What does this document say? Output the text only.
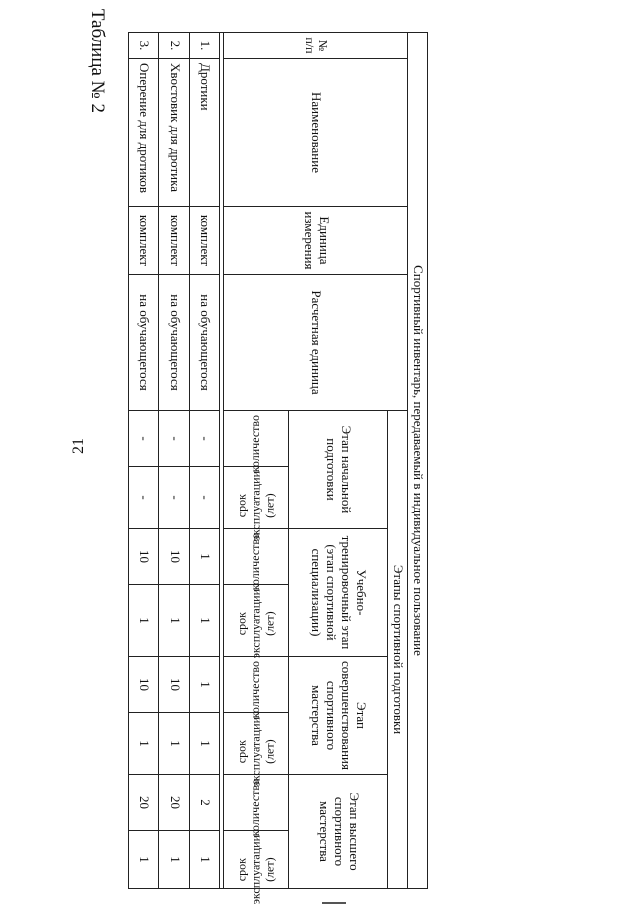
21
Таблица № 2
Спортивный инвентарь, передаваемый в индивидуальное пользование											
№ п/п	Наименование	Единица измерения	Расчетная единица	Этапы спортивной подготовки							
				Этап начальной подготовки		Учебно-тренировочный этап (этап спортивной специализации)		Этап совершенствования спортивного мастерства		Этап высшего спортивного мастерства	
				количество	срок эксплуатации (лет)	количество	срок эксплуатации (лет)	количество	срок эксплуатации (лет)	количество	срок эксплуатации (лет)

1.	Дротики	комплект	на обучающегося	-	-	1	1	1	1	2	1
2.	Хвостовик для дротика	комплект	на обучающегося	-	-	10	1	10	1	20	1
3.	Оперение для дротиков	комплект	на обучающегося	-	-	10	1	10	1	20	1
